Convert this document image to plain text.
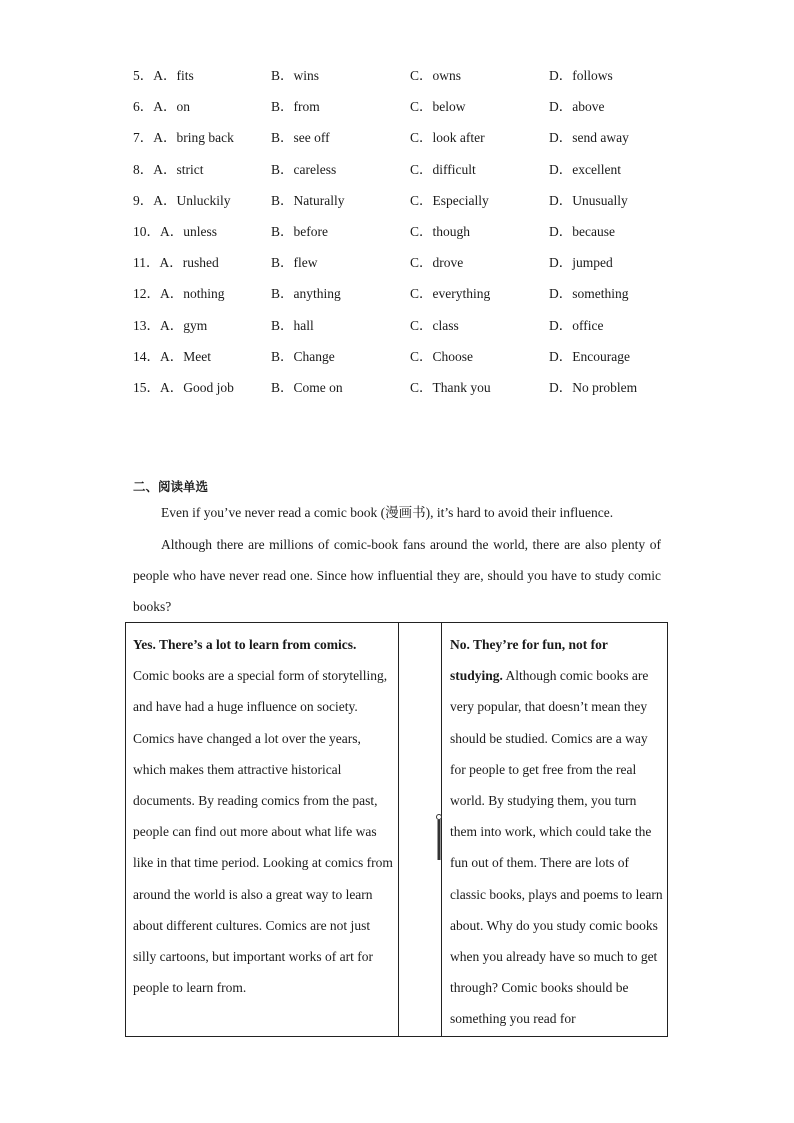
5．A．fits	B．wins	C．owns	D．follows
6．A．on	B．from	C．below	D．above
7．A．bring back	B．see off	C．look after	D．send away
8．A．strict	B．careless	C．difficult	D．excellent
9．A．Unluckily	B．Naturally	C．Especially	D．Unusually
10．A．unless	B．before	C．though	D．because
11．A．rushed	B．flew	C．drove	D．jumped
12．A．nothing	B．anything	C．everything	D．something
13．A．gym	B．hall	C．class	D．office
14．A．Meet	B．Change	C．Choose	D．Encourage
15．A．Good job	B．Come on	C．Thank you	D．No problem
二、阅读单选
Even if you’ve never read a comic book (漫画书), it’s hard to avoid their influence.
Although there are millions of comic-book fans around the world, there are also plenty of people who have never read one. Since how influential they are, should you have to study comic books?
Yes. There’s a lot to learn from comics.
Comic books are a special form of storytelling, and have had a huge influence on society. Comics have changed a lot over the years, which makes them attractive historical documents. By reading comics from the past, people can find out more about what life was like in that time period. Looking at comics from around the world is also a great way to learn about different cultures. Comics are not just silly cartoons, but important works of art for people to learn from.
No. They’re for fun, not for studying. Although comic books are very popular, that doesn’t mean they should be studied. Comics are a way for people to get free from the real world. By studying them, you turn them into work, which could take the fun out of them. There are lots of classic books, plays and poems to learn about. Why do you study comic books when you already have so much to get through? Comic books should be something you read for
